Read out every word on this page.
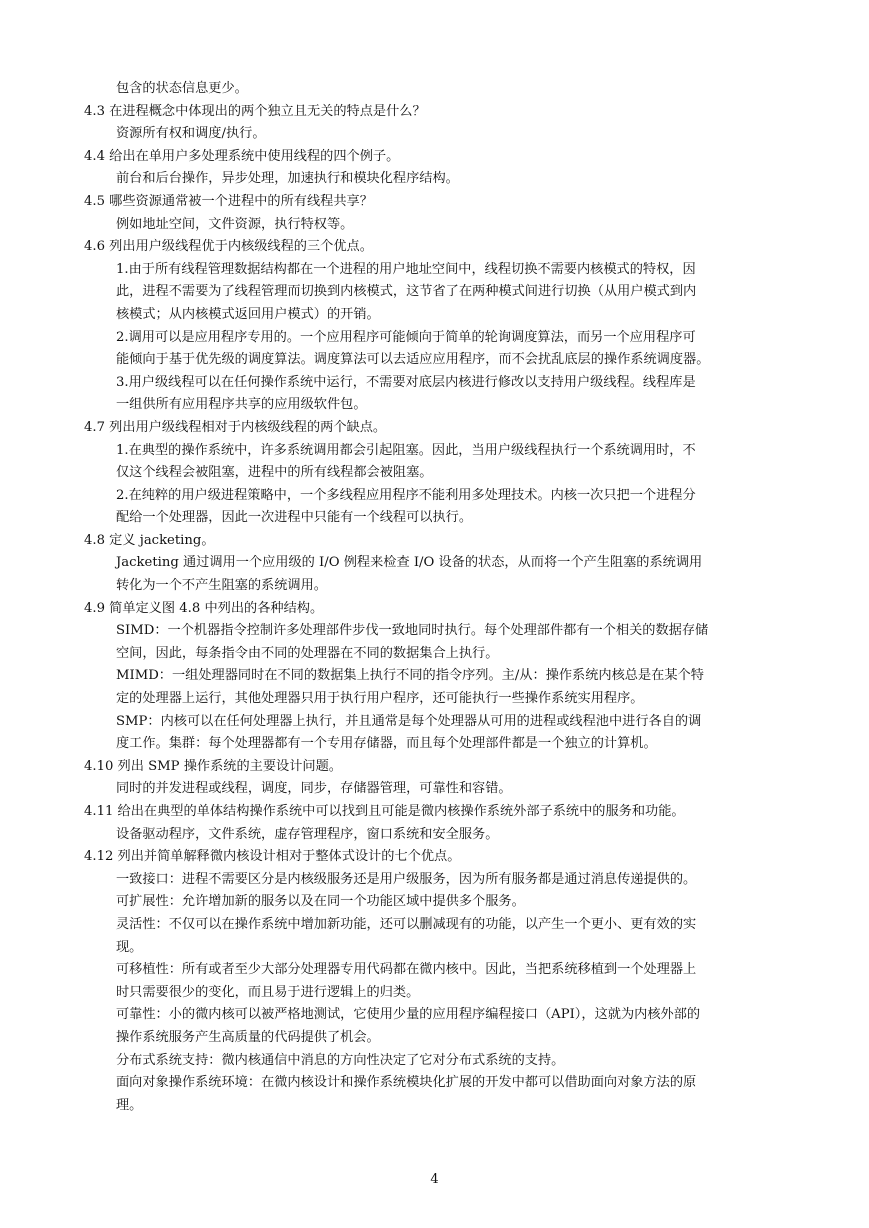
包含的状态信息更少。
4.3 在进程概念中体现出的两个独立且无关的特点是什么？
资源所有权和调度/执行。
4.4 给出在单用户多处理系统中使用线程的四个例子。
前台和后台操作，异步处理，加速执行和模块化程序结构。
4.5 哪些资源通常被一个进程中的所有线程共享？
例如地址空间，文件资源，执行特权等。
4.6 列出用户级线程优于内核级线程的三个优点。
1.由于所有线程管理数据结构都在一个进程的用户地址空间中，线程切换不需要内核模式的特权，因
此，进程不需要为了线程管理而切换到内核模式，这节省了在两种模式间进行切换（从用户模式到内
核模式；从内核模式返回用户模式）的开销。
2.调用可以是应用程序专用的。一个应用程序可能倾向于简单的轮询调度算法，而另一个应用程序可
能倾向于基于优先级的调度算法。调度算法可以去适应应用程序，而不会扰乱底层的操作系统调度器。
3.用户级线程可以在任何操作系统中运行，不需要对底层内核进行修改以支持用户级线程。线程库是
一组供所有应用程序共享的应用级软件包。
4.7 列出用户级线程相对于内核级线程的两个缺点。
1.在典型的操作系统中，许多系统调用都会引起阻塞。因此，当用户级线程执行一个系统调用时，不
仅这个线程会被阻塞，进程中的所有线程都会被阻塞。
2.在纯粹的用户级进程策略中，一个多线程应用程序不能利用多处理技术。内核一次只把一个进程分
配给一个处理器，因此一次进程中只能有一个线程可以执行。
4.8 定义 jacketing。
Jacketing 通过调用一个应用级的 I/O 例程来检查 I/O 设备的状态，从而将一个产生阻塞的系统调用
转化为一个不产生阻塞的系统调用。
4.9 简单定义图 4.8 中列出的各种结构。
SIMD：一个机器指令控制许多处理部件步伐一致地同时执行。每个处理部件都有一个相关的数据存储
空间，因此，每条指令由不同的处理器在不同的数据集合上执行。
MIMD：一组处理器同时在不同的数据集上执行不同的指令序列。主/从：操作系统内核总是在某个特
定的处理器上运行，其他处理器只用于执行用户程序，还可能执行一些操作系统实用程序。
SMP：内核可以在任何处理器上执行，并且通常是每个处理器从可用的进程或线程池中进行各自的调
度工作。集群：每个处理器都有一个专用存储器，而且每个处理部件都是一个独立的计算机。
4.10 列出 SMP 操作系统的主要设计问题。
同时的并发进程或线程，调度，同步，存储器管理，可靠性和容错。
4.11 给出在典型的单体结构操作系统中可以找到且可能是微内核操作系统外部子系统中的服务和功能。
设备驱动程序，文件系统，虚存管理程序，窗口系统和安全服务。
4.12 列出并简单解释微内核设计相对于整体式设计的七个优点。
一致接口：进程不需要区分是内核级服务还是用户级服务，因为所有服务都是通过消息传递提供的。
可扩展性：允许增加新的服务以及在同一个功能区域中提供多个服务。
灵活性：不仅可以在操作系统中增加新功能，还可以删减现有的功能，以产生一个更小、更有效的实
现。
可移植性：所有或者至少大部分处理器专用代码都在微内核中。因此，当把系统移植到一个处理器上
时只需要很少的变化，而且易于进行逻辑上的归类。
可靠性：小的微内核可以被严格地测试，它使用少量的应用程序编程接口（API），这就为内核外部的
操作系统服务产生高质量的代码提供了机会。
分布式系统支持：微内核通信中消息的方向性决定了它对分布式系统的支持。
面向对象操作系统环境：在微内核设计和操作系统模块化扩展的开发中都可以借助面向对象方法的原
理。
4
